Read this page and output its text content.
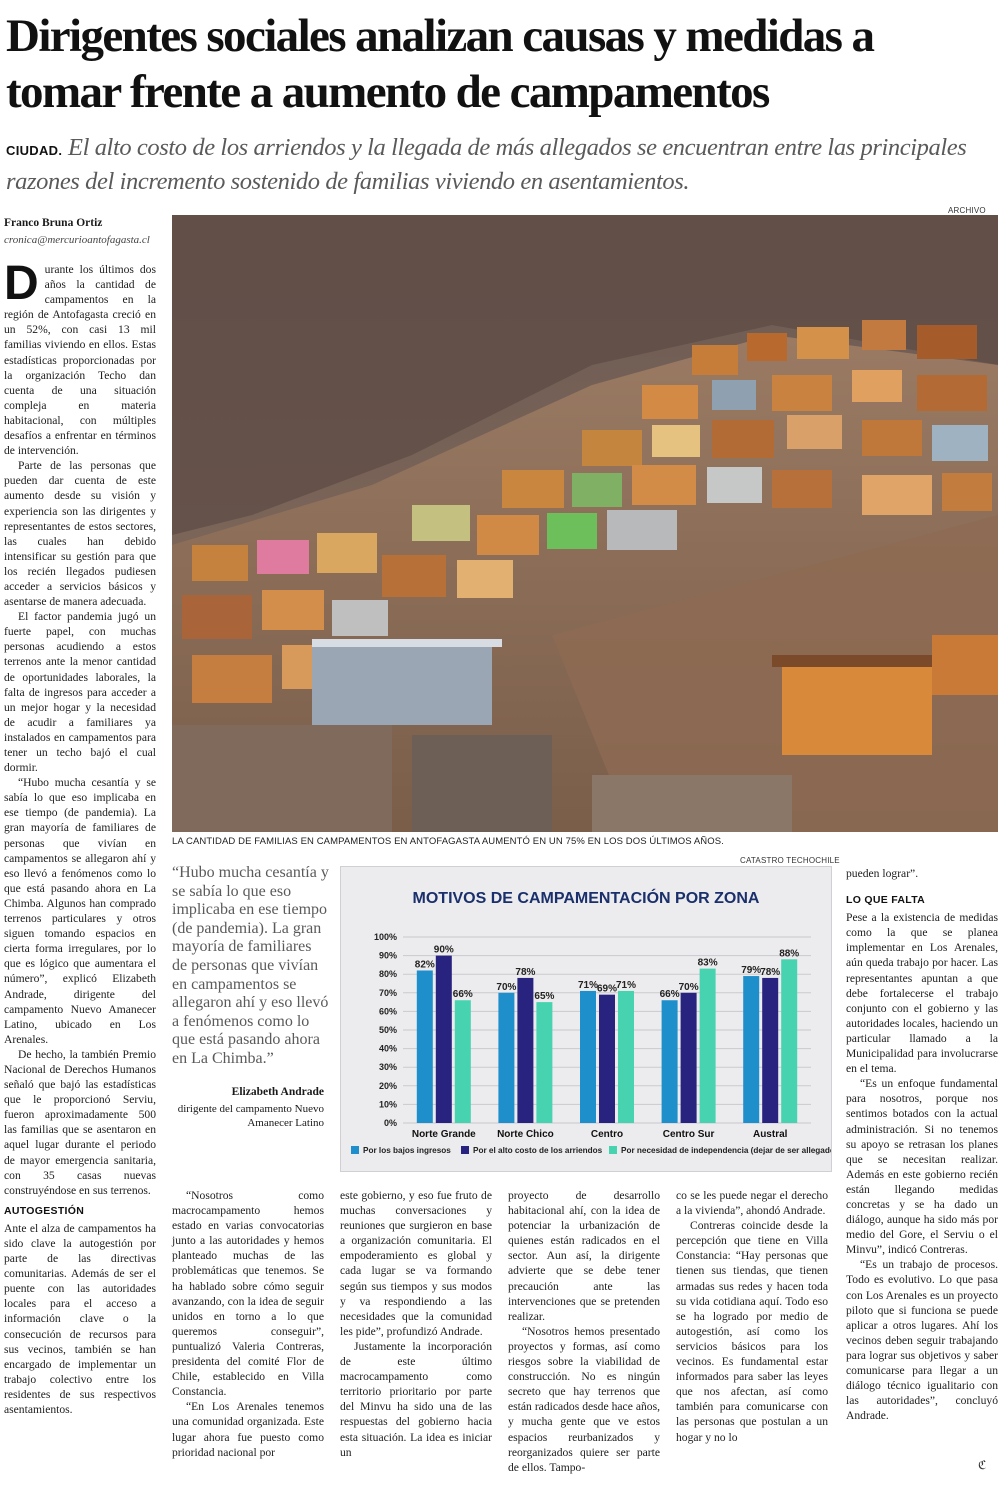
Dirigentes sociales analizan causas y medidas a tomar frente a aumento de campamentos
CIUDAD. El alto costo de los arriendos y la llegada de más allegados se encuentran entre las principales razones del incremento sostenido de familias viviendo en asentamientos.
Franco Bruna Ortiz
cronica@mercurioantofagasta.cl
ARCHIVO
LA CANTIDAD DE FAMILIAS EN CAMPAMENTOS EN ANTOFAGASTA AUMENTÓ EN UN 75% EN LOS DOS ÚLTIMOS AÑOS.

Durante los últimos dos años la cantidad de campamentos en la región de Antofagasta creció en un 52%, con casi 13 mil familias viviendo en ellos. Estas estadísticas proporcionadas por la organización Techo dan cuenta de una situación compleja en materia habitacional, con múltiples desafíos a enfrentar en términos de intervención.

Parte de las personas que pueden dar cuenta de este aumento desde su visión y experiencia son las dirigentes y representantes de estos sectores, las cuales han debido intensificar su gestión para que los recién llegados pudiesen acceder a servicios básicos y asentarse de manera adecuada.

El factor pandemia jugó un fuerte papel, con muchas personas acudiendo a estos terrenos ante la menor cantidad de oportunidades laborales, la falta de ingresos para acceder a un mejor hogar y la necesidad de acudir a familiares ya instalados en campamentos para tener un techo bajó el cual dormir.

“Hubo mucha cesantía y se sabía lo que eso implicaba en ese tiempo (de pandemia). La gran mayoría de familiares de personas que vivían en campamentos se allegaron ahí y eso llevó a fenómenos como lo que está pasando ahora en La Chimba. Algunos han comprado terrenos particulares y otros siguen tomando espacios en cierta forma irregulares, por lo que es lógico que aumentara el número”, explicó Elizabeth Andrade, dirigente del campamento Nuevo Amanecer Latino, ubicado en Los Arenales.

De hecho, la también Premio Nacional de Derechos Humanos señaló que bajó las estadísticas que le proporcionó Serviu, fueron aproximadamente 500 las familias que se asentaron en aquel lugar durante el periodo de mayor emergencia sanitaria, con 35 casas nuevas construyéndose en sus terrenos.

AUTOGESTIÓN

Ante el alza de campamentos ha sido clave la autogestión por parte de las directivas comunitarias. Además de ser el puente con las autoridades locales para el acceso a información clave o la consecución de recursos para sus vecinos, también se han encargado de implementar un trabajo colectivo entre los residentes de sus respectivos asentamientos.

“Hubo mucha cesantía y se sabía lo que eso implicaba en ese tiempo (de pandemia). La gran mayoría de familiares de personas que vivían en campamentos se allegaron ahí y eso llevó a fenómenos como lo que está pasando ahora en La Chimba.”
Elizabeth Andrade
dirigente del campamento Nuevo Amanecer Latino
CATASTRO TECHOCHILE
MOTIVOS DE CAMPAMENTACIÓN POR ZONA
0%
10%
20%
30%
40%
50%
60%
70%
80%
90%
100%
82%
90%
66%
70%
78%
65%
71%
69%
71%
66%
70%
83%
79%
78%
88%
Norte Grande Norte Chico	Centro	Centro Sur	Austral
Por los bajos ingresos	Por el alto costo de los arriendos Por necesidad de independencia (dejar de ser allegado)

“Nosotros como macrocampamento hemos estado en varias convocatorias junto a las autoridades y hemos planteado muchas de las problemáticas que tenemos. Se ha hablado sobre cómo seguir avanzando, con la idea de seguir unidos en torno a lo que queremos conseguir”, puntualizó Valeria Contreras, presidenta del comité Flor de Chile, establecido en Villa Constancia.

“En Los Arenales tenemos una comunidad organizada. Este lugar ahora fue puesto como prioridad nacional por

este gobierno, y eso fue fruto de muchas conversaciones y reuniones que surgieron en base a organización comunitaria. El empoderamiento es global y cada lugar se va formando según sus tiempos y sus modos y va respondiendo a las necesidades que la comunidad les pide”, profundizó Andrade.

Justamente la incorporación de este último macrocampamento como territorio prioritario por parte del Minvu ha sido una de las respuestas del gobierno hacia esta situación. La idea es iniciar un

proyecto de desarrollo habitacional ahí, con la idea de potenciar la urbanización de quienes están radicados en el sector. Aun así, la dirigente advierte que se debe tener precaución ante las intervenciones que se pretenden realizar.

“Nosotros hemos presentado proyectos y formas, así como riesgos sobre la viabilidad de construcción. No es ningún secreto que hay terrenos que están radicados desde hace años, y mucha gente que ve estos espacios reurbanizados y reorganizados quiere ser parte de ellos. Tampo-

co se les puede negar el derecho a la vivienda”, ahondó Andrade.

Contreras coincide desde la percepción que tiene en Villa Constancia: “Hay personas que tienen sus tiendas, que tienen armadas sus redes y hacen toda su vida cotidiana aquí. Todo eso se ha logrado por medio de autogestión, así como los servicios básicos para los vecinos. Es fundamental estar informados para saber las leyes que nos afectan, así como también para comunicarse con las personas que postulan a un hogar y no lo

pueden lograr”.

LO QUE FALTA

Pese a la existencia de medidas como la que se planea implementar en Los Arenales, aún queda trabajo por hacer. Las representantes apuntan a que debe fortalecerse el trabajo conjunto con el gobierno y las autoridades locales, haciendo un particular llamado a la Municipalidad para involucrarse en el tema.

“Es un enfoque fundamental para nosotros, porque nos sentimos botados con la actual administración. Si no tenemos su apoyo se retrasan los planes que se necesitan realizar. Además en este gobierno recién están llegando medidas concretas y se ha dado un diálogo, aunque ha sido más por medio del Gore, el Serviu o el Minvu”, indicó Contreras.

“Es un trabajo de procesos. Todo es evolutivo. Lo que pasa con Los Arenales es un proyecto piloto que si funciona se puede aplicar a otros lugares. Ahí los vecinos deben seguir trabajando para lograr sus objetivos y saber comunicarse para llegar a un diálogo técnico igualitario con las autoridades”, concluyó Andrade.

ℭ
